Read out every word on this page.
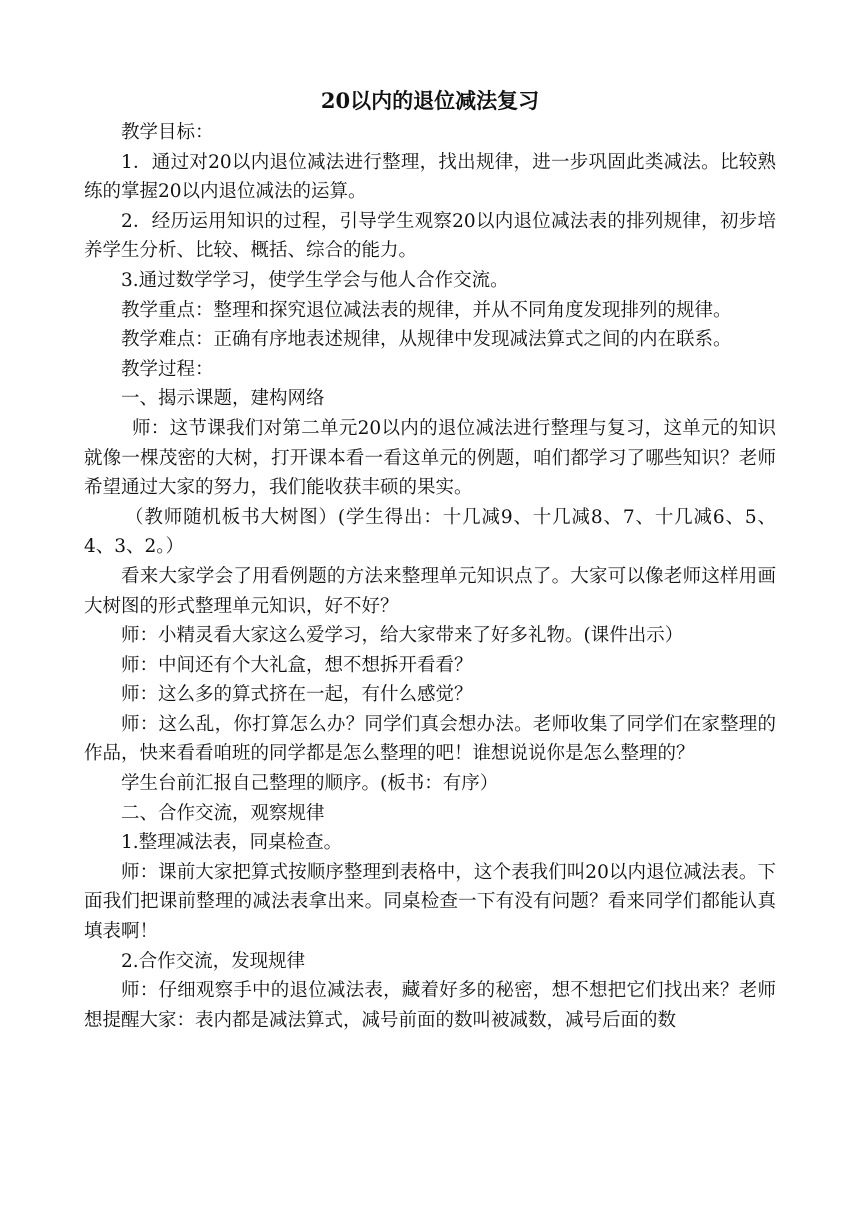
20以内的退位减法复习

教学目标：

1．通过对20以内退位减法进行整理，找出规律，进一步巩固此类减法。比较熟练的掌握20以内退位减法的运算。

2．经历运用知识的过程，引导学生观察20以内退位减法表的排列规律，初步培养学生分析、比较、概括、综合的能力。

3.通过数学学习，使学生学会与他人合作交流。

教学重点：整理和探究退位减法表的规律，并从不同角度发现排列的规律。

教学难点：正确有序地表述规律，从规律中发现减法算式之间的内在联系。

教学过程：

一、揭示课题，建构网络

师：这节课我们对第二单元20以内的退位减法进行整理与复习，这单元的知识就像一棵茂密的大树，打开课本看一看这单元的例题，咱们都学习了哪些知识？老师希望通过大家的努力，我们能收获丰硕的果实。

（教师随机板书大树图）(学生得出：十几减9、十几减8、7、十几减6、5、4、3、2。）

看来大家学会了用看例题的方法来整理单元知识点了。大家可以像老师这样用画大树图的形式整理单元知识，好不好？

师：小精灵看大家这么爱学习，给大家带来了好多礼物。(课件出示）

师：中间还有个大礼盒，想不想拆开看看？

师：这么多的算式挤在一起，有什么感觉？

师：这么乱，你打算怎么办？同学们真会想办法。老师收集了同学们在家整理的作品，快来看看咱班的同学都是怎么整理的吧！谁想说说你是怎么整理的？

学生台前汇报自己整理的顺序。(板书：有序）

二、合作交流，观察规律

1.整理减法表，同桌检查。

师：课前大家把算式按顺序整理到表格中，这个表我们叫20以内退位减法表。下面我们把课前整理的减法表拿出来。同桌检查一下有没有问题？看来同学们都能认真填表啊！

2.合作交流，发现规律

师：仔细观察手中的退位减法表，藏着好多的秘密，想不想把它们找出来？老师想提醒大家：表内都是减法算式，减号前面的数叫被减数，减号后面的数
